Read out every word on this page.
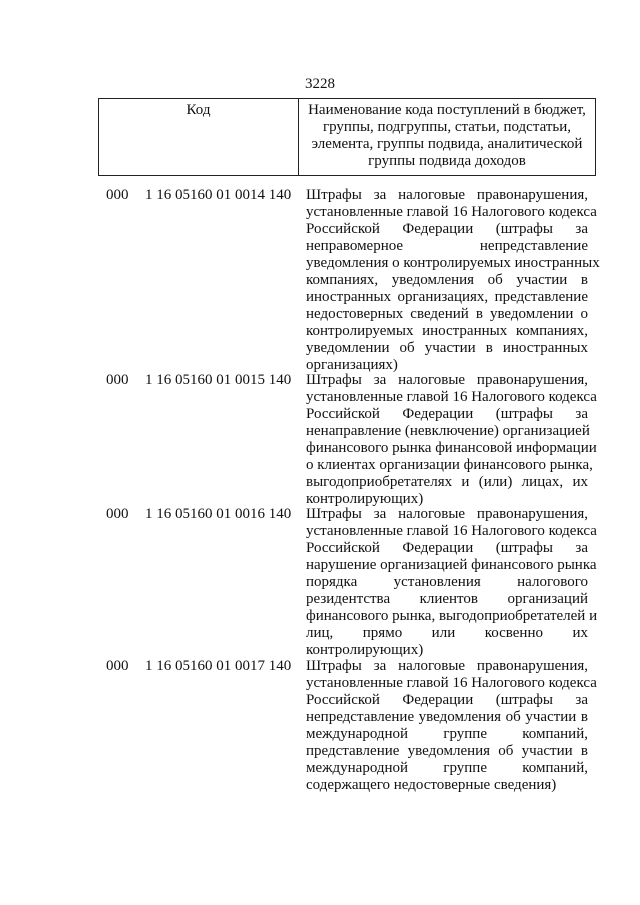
3228
Код	Наименование кода поступлений в бюджет,
группы, подгруппы, статьи, подстатьи,
элемента, группы подвида, аналитической
группы подвида доходов
000 1 16 05160 01 0014 140 Штрафы за налоговые правонарушения,
установленные главой 16 Налогового кодекса
Российской Федерации (штрафы за
неправомерное непредставление
уведомления о контролируемых иностранных
компаниях, уведомления об участии в
иностранных организациях, представление
недостоверных сведений в уведомлении о
контролируемых иностранных компаниях,
уведомлении об участии в иностранных
организациях)
000 1 16 05160 01 0015 140 Штрафы за налоговые правонарушения,
установленные главой 16 Налогового кодекса
Российской Федерации (штрафы за
ненаправление (невключение) организацией
финансового рынка финансовой информации
о клиентах организации финансового рынка,
выгодоприобретателях и (или) лицах, их
контролирующих)
000 1 16 05160 01 0016 140 Штрафы за налоговые правонарушения,
установленные главой 16 Налогового кодекса
Российской Федерации (штрафы за
нарушение организацией финансового рынка
порядка установления налогового
резидентства клиентов организаций
финансового рынка, выгодоприобретателей и
лиц, прямо или косвенно их
контролирующих)
000 1 16 05160 01 0017 140 Штрафы за налоговые правонарушения,
установленные главой 16 Налогового кодекса
Российской Федерации (штрафы за
непредставление уведомления об участии в
международной группе компаний,
представление уведомления об участии в
международной группе компаний,
содержащего недостоверные сведения)
